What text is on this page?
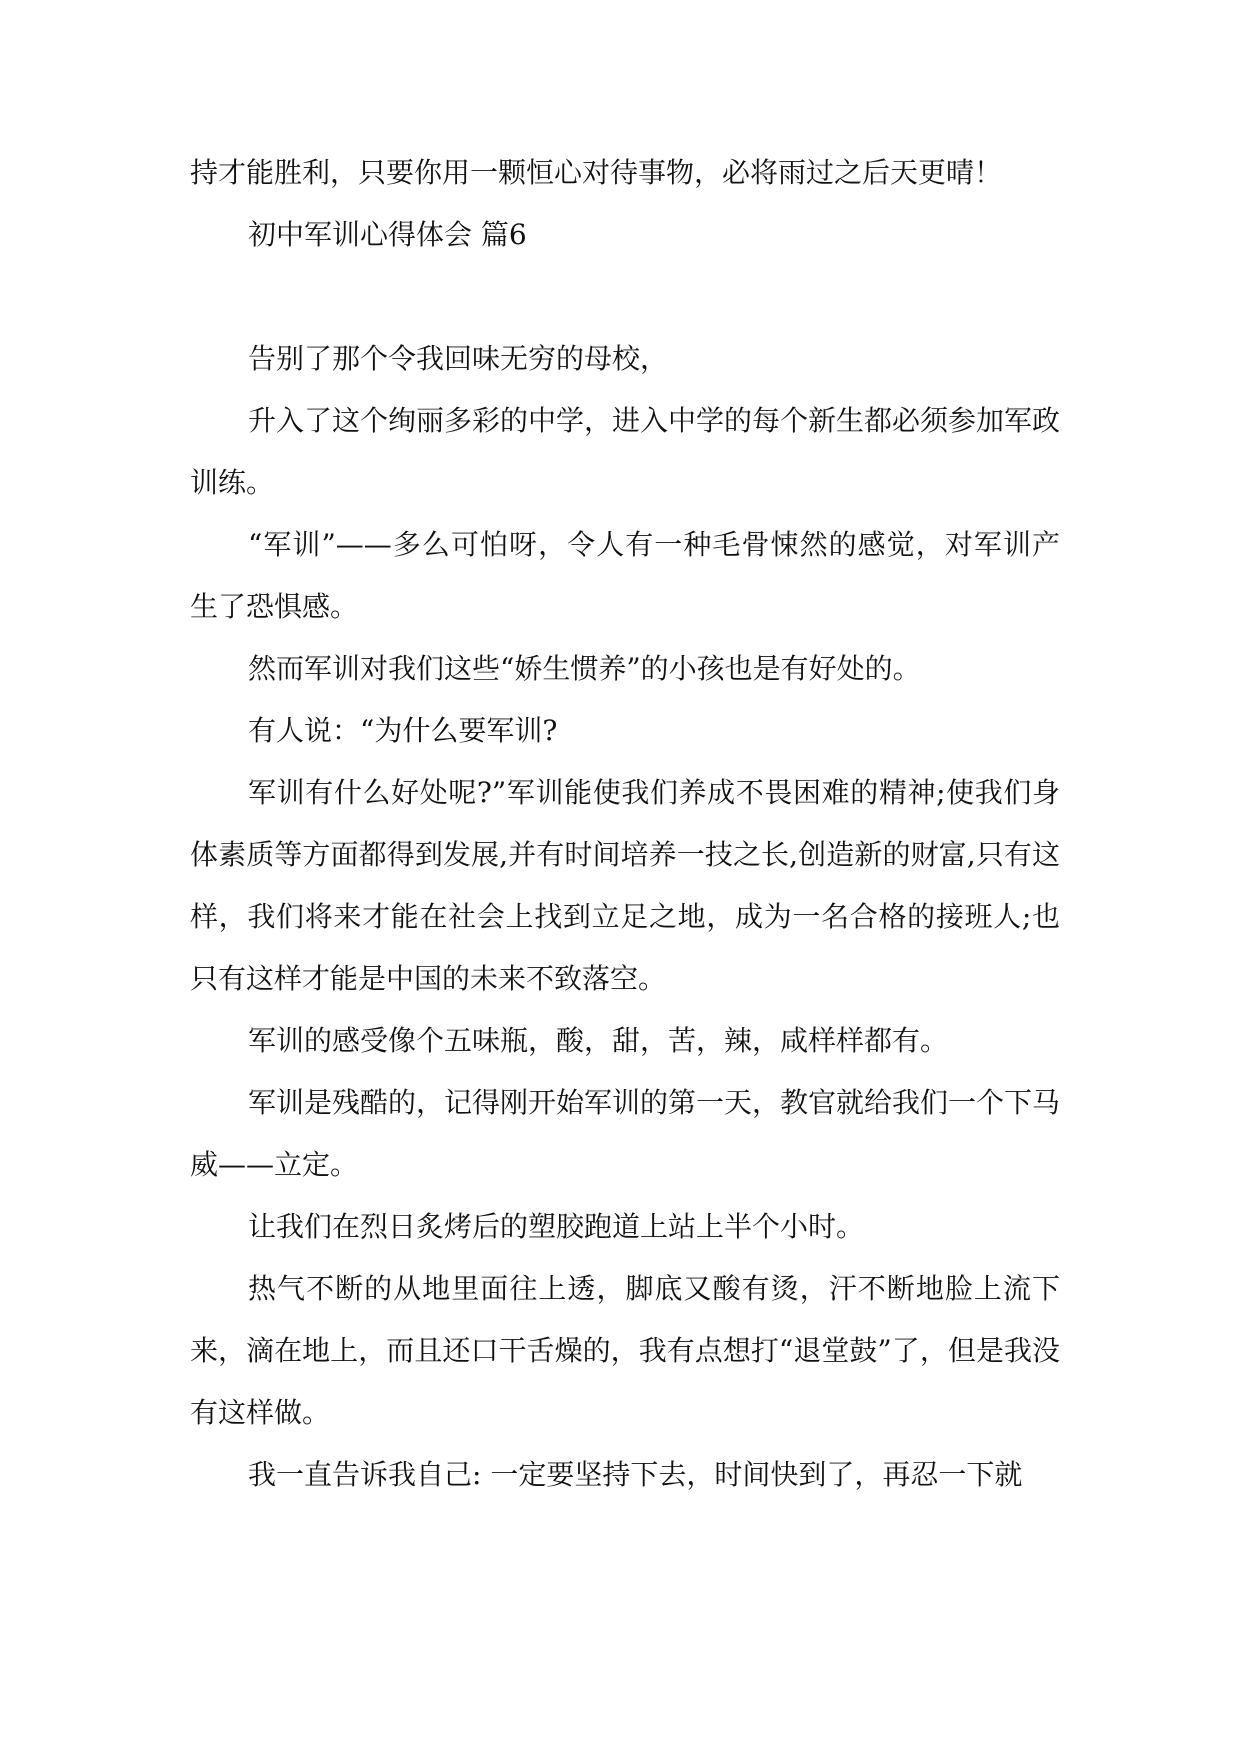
持才能胜利，只要你用一颗恒心对待事物，必将雨过之后天更晴！

初中军训心得体会 篇6

告别了那个令我回味无穷的母校，

升入了这个绚丽多彩的中学，进入中学的每个新生都必须参加军政训练。

“军训”——多么可怕呀，令人有一种毛骨悚然的感觉，对军训产生了恐惧感。

然而军训对我们这些“娇生惯养”的小孩也是有好处的。

有人说：“为什么要军训?

军训有什么好处呢?”军训能使我们养成不畏困难的精神;使我们身体素质等方面都得到发展,并有时间培养一技之长,创造新的财富,只有这样，我们将来才能在社会上找到立足之地，成为一名合格的接班人;也只有这样才能是中国的未来不致落空。

军训的感受像个五味瓶，酸，甜，苦，辣，咸样样都有。

军训是残酷的，记得刚开始军训的第一天，教官就给我们一个下马威——立定。

让我们在烈日炙烤后的塑胶跑道上站上半个小时。

热气不断的从地里面往上透，脚底又酸有烫，汗不断地脸上流下来，滴在地上，而且还口干舌燥的，我有点想打“退堂鼓”了，但是我没有这样做。

我一直告诉我自己: 一定要坚持下去，时间快到了，再忍一下就
